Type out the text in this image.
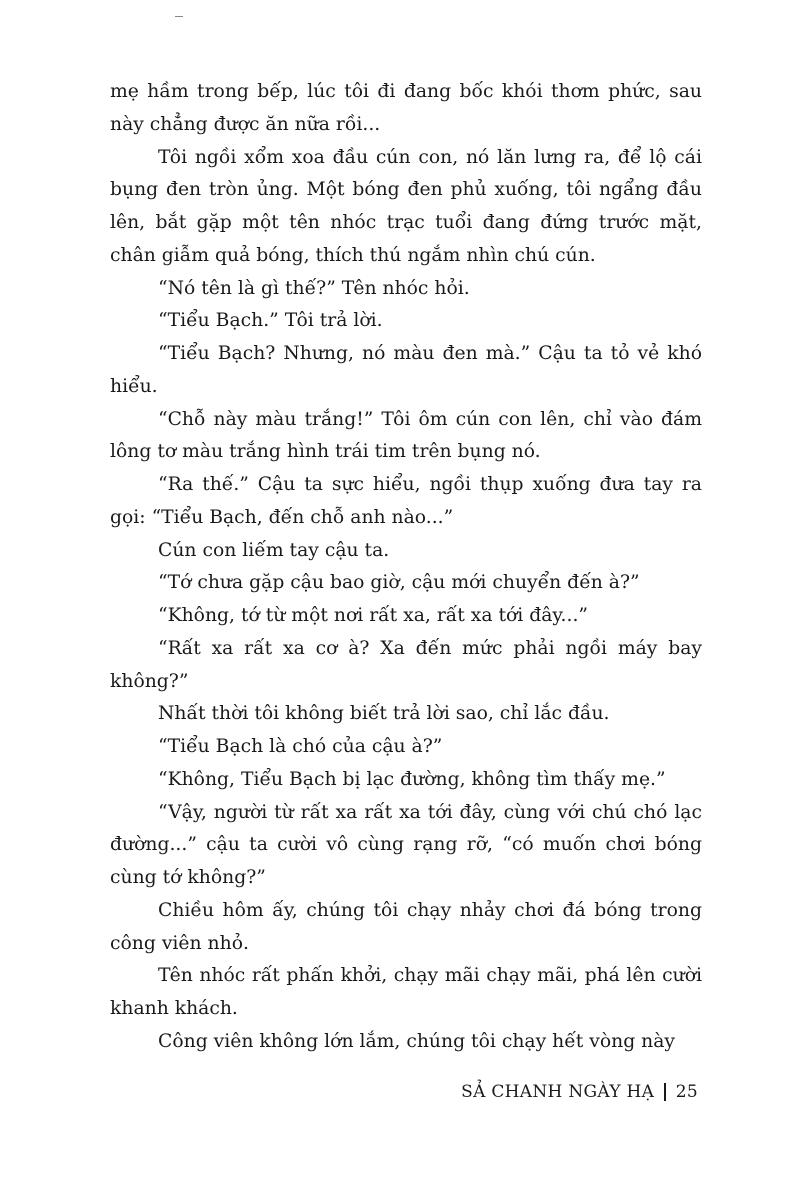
mẹ hầm trong bếp, lúc tôi đi đang bốc khói thơm phức, sau này chẳng được ăn nữa rồi...

Tôi ngồi xổm xoa đầu cún con, nó lăn lưng ra, để lộ cái bụng đen tròn ủng. Một bóng đen phủ xuống, tôi ngẩng đầu lên, bắt gặp một tên nhóc trạc tuổi đang đứng trước mặt, chân giẫm quả bóng, thích thú ngắm nhìn chú cún.

“Nó tên là gì thế?” Tên nhóc hỏi.

“Tiểu Bạch.” Tôi trả lời.

“Tiểu Bạch? Nhưng, nó màu đen mà.” Cậu ta tỏ vẻ khó hiểu.

“Chỗ này màu trắng!” Tôi ôm cún con lên, chỉ vào đám lông tơ màu trắng hình trái tim trên bụng nó.

“Ra thế.” Cậu ta sực hiểu, ngồi thụp xuống đưa tay ra gọi: “Tiểu Bạch, đến chỗ anh nào...”

Cún con liếm tay cậu ta.

“Tớ chưa gặp cậu bao giờ, cậu mới chuyển đến à?”

“Không, tớ từ một nơi rất xa, rất xa tới đây...”

“Rất xa rất xa cơ à? Xa đến mức phải ngồi máy bay không?”

Nhất thời tôi không biết trả lời sao, chỉ lắc đầu.

“Tiểu Bạch là chó của cậu à?”

“Không, Tiểu Bạch bị lạc đường, không tìm thấy mẹ.”

“Vậy, người từ rất xa rất xa tới đây, cùng với chú chó lạc đường...” cậu ta cười vô cùng rạng rỡ, “có muốn chơi bóng cùng tớ không?”

Chiều hôm ấy, chúng tôi chạy nhảy chơi đá bóng trong công viên nhỏ.

Tên nhóc rất phấn khởi, chạy mãi chạy mãi, phá lên cười khanh khách.

Công viên không lớn lắm, chúng tôi chạy hết vòng này

SẢ CHANH NGÀY HẠ 25
